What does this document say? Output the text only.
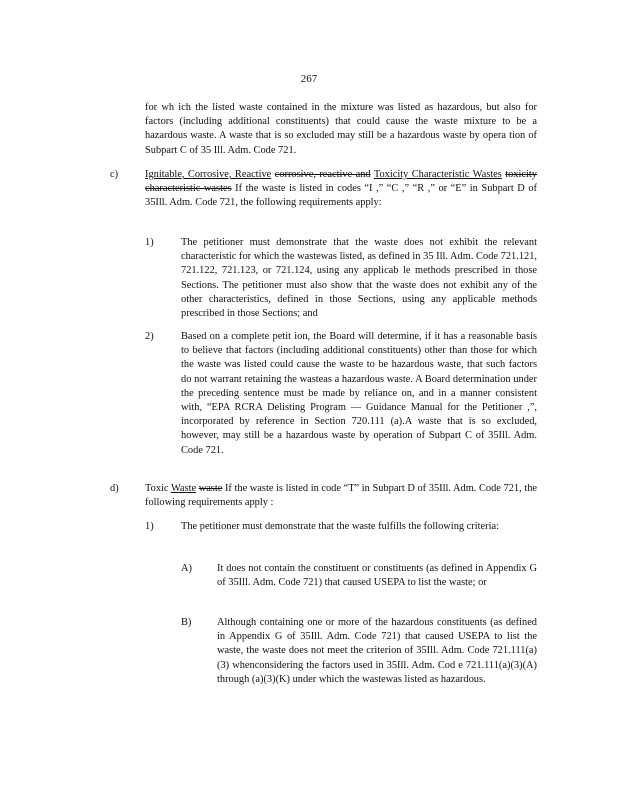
267
for wh ich the listed waste contained in the mixture was listed as hazardous, but also for factors (including additional constituents) that could cause the waste mixture to be a hazardous waste. A waste that is so excluded may still be a hazardous waste by opera tion of Subpart C of 35 Ill. Adm. Code 721.
c)	Ignitable, Corrosive, Reactive corrosive, reactive and Toxicity Characteristic Wastes toxicity characteristic wastes If the waste is listed in codes “I ,” “C ,” “R ,” or “E” in Subpart D of 35Ill. Adm. Code 721, the following requirements apply:
1)	The petitioner must demonstrate that the waste does not exhibit the relevant characteristic for which the wastewas listed, as defined in 35 Ill. Adm. Code 721.121, 721.122, 721.123, or 721.124, using any applicab le methods prescribed in those Sections. The petitioner must also show that the waste does not exhibit any of the other characteristics, defined in those Sections, using any applicable methods prescribed in those Sections; and
2)	Based on a complete petit ion, the Board will determine, if it has a reasonable basis to believe that factors (including additional constituents) other than those for which the waste was listed could cause the waste to be hazardous waste, that such factors do not warrant retaining the wasteas a hazardous waste. A Board determination under the preceding sentence must be made by reliance on, and in a manner consistent with, “EPA RCRA Delisting Program — Guidance Manual for the Petitioner ,”, incorporated by reference in Section 720.111 (a).A waste that is so excluded, however, may still be a hazardous waste by operation of Subpart C of 35Ill. Adm. Code 721.
d)	Toxic Waste waste If the waste is listed in code “T” in Subpart D of 35Ill. Adm. Code 721, the following requirements apply :
1)	The petitioner must demonstrate that the waste fulfills the following criteria:
A) It does not contain the constituent or constituents (as defined in Appendix G of 35Ill. Adm. Code 721) that caused USEPA to list the waste; or
B) Although containing one or more of the hazardous constituents (as defined in Appendix G of 35Ill. Adm. Code 721) that caused USEPA to list the waste, the waste does not meet the criterion of 35Ill. Adm. Code 721.111(a)(3) whenconsidering the factors used in 35Ill. Adm. Cod e 721.111(a)(3)(A) through (a)(3)(K) under which the wastewas listed as hazardous.
